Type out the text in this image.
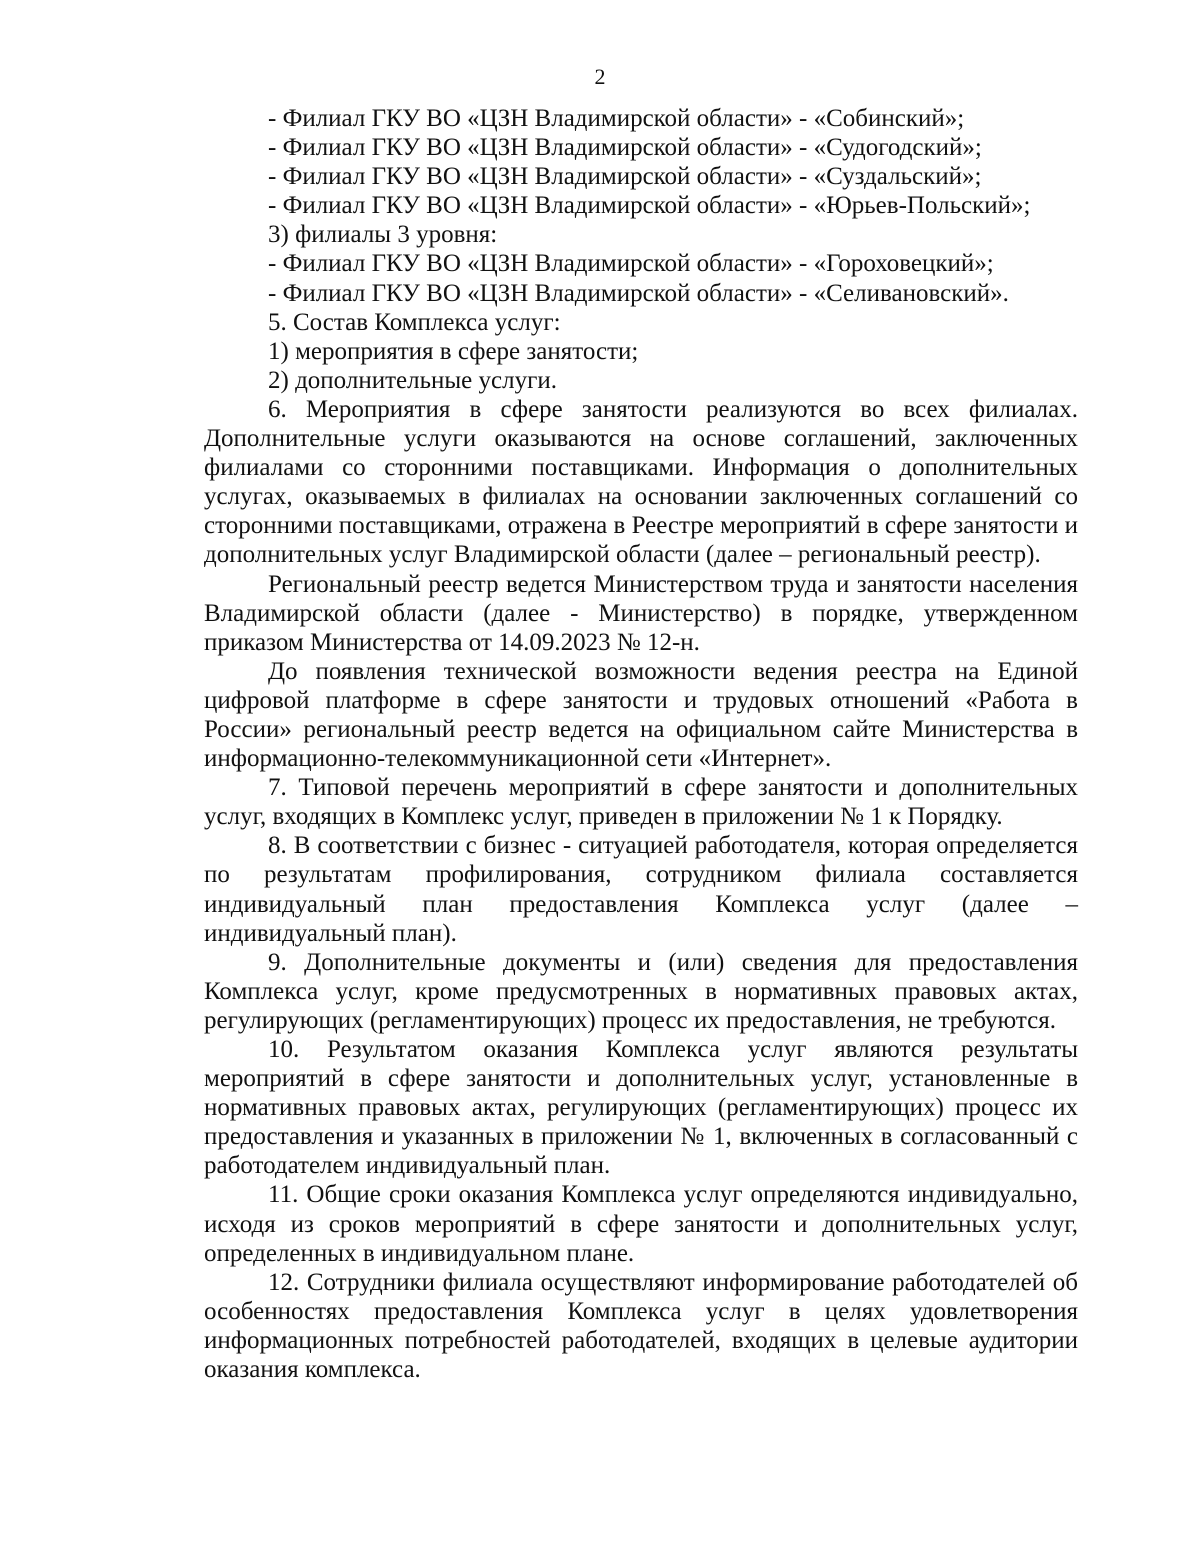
2

- Филиал ГКУ ВО «ЦЗН Владимирской области» - «Собинский»;

- Филиал ГКУ ВО «ЦЗН Владимирской области» - «Судогодский»;

- Филиал ГКУ ВО «ЦЗН Владимирской области» - «Суздальский»;

- Филиал ГКУ ВО «ЦЗН Владимирской области» - «Юрьев-Польский»;

3) филиалы 3 уровня:

- Филиал ГКУ ВО «ЦЗН Владимирской области» - «Гороховецкий»;

- Филиал ГКУ ВО «ЦЗН Владимирской области» - «Селивановский».

5. Состав Комплекса услуг:

1) мероприятия в сфере занятости;

2) дополнительные услуги.

6. Мероприятия в сфере занятости реализуются во всех филиалах. Дополнительные услуги оказываются на основе соглашений, заключенных филиалами со сторонними поставщиками. Информация о дополнительных услугах, оказываемых в филиалах на основании заключенных соглашений со сторонними поставщиками, отражена в Реестре мероприятий в сфере занятости и дополнительных услуг Владимирской области (далее – региональный реестр).

Региональный реестр ведется Министерством труда и занятости населения Владимирской области (далее - Министерство) в порядке, утвержденном приказом Министерства от 14.09.2023 № 12-н.

До появления технической возможности ведения реестра на Единой цифровой платформе в сфере занятости и трудовых отношений «Работа в России» региональный реестр ведется на официальном сайте Министерства в информационно-телекоммуникационной сети «Интернет».

7. Типовой перечень мероприятий в сфере занятости и дополнительных услуг, входящих в Комплекс услуг, приведен в приложении № 1 к Порядку.

8. В соответствии с бизнес - ситуацией работодателя, которая определяется по результатам профилирования, сотрудником филиала составляется индивидуальный план предоставления Комплекса услуг (далее – индивидуальный план).

9. Дополнительные документы и (или) сведения для предоставления Комплекса услуг, кроме предусмотренных в нормативных правовых актах, регулирующих (регламентирующих) процесс их предоставления, не требуются.

10. Результатом оказания Комплекса услуг являются результаты мероприятий в сфере занятости и дополнительных услуг, установленные в нормативных правовых актах, регулирующих (регламентирующих) процесс их предоставления и указанных в приложении № 1, включенных в согласованный с работодателем индивидуальный план.

11. Общие сроки оказания Комплекса услуг определяются индивидуально, исходя из сроков мероприятий в сфере занятости и дополнительных услуг, определенных в индивидуальном плане.

12. Сотрудники филиала осуществляют информирование работодателей об особенностях предоставления Комплекса услуг в целях удовлетворения информационных потребностей работодателей, входящих в целевые аудитории оказания комплекса.
